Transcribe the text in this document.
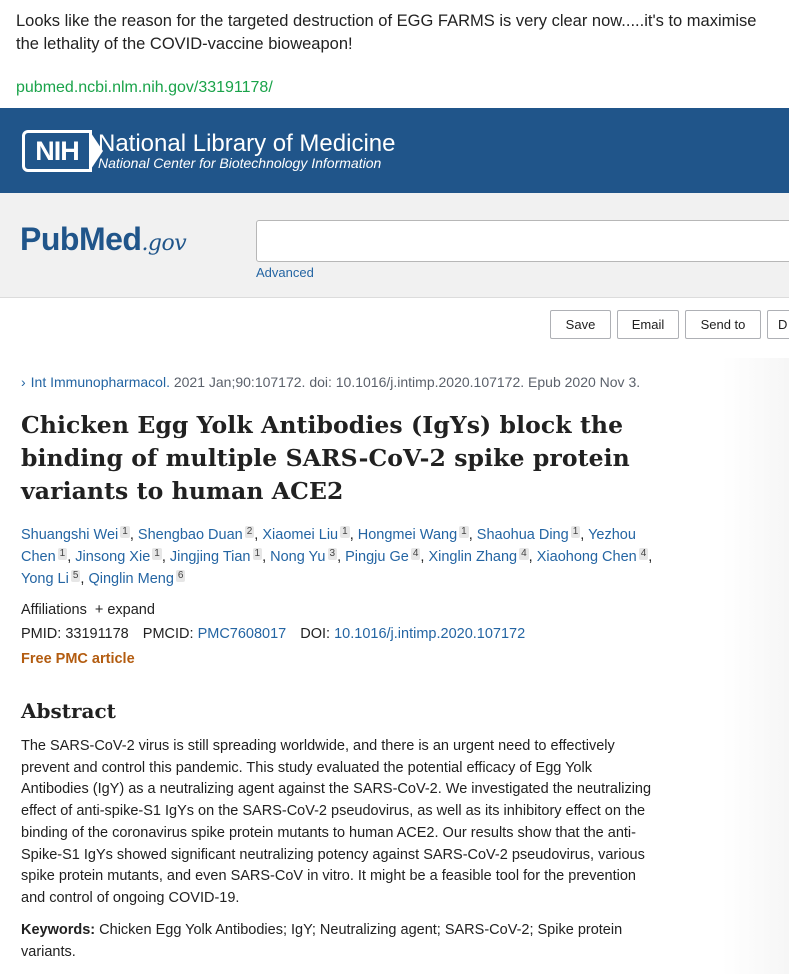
Looks like the reason for the targeted destruction of EGG FARMS is very clear now.....it's to maximise the lethality of the COVID-vaccine bioweapon!
pubmed.ncbi.nlm.nih.gov/33191178/
NIH National Library of Medicine
National Center for Biotechnology Information
PubMed.gov
Advanced
Save	Email	Send to	D
› Int Immunopharmacol. 2021 Jan;90:107172. doi: 10.1016/j.intimp.2020.107172. Epub 2020 Nov 3.
Chicken Egg Yolk Antibodies (IgYs) block the binding of multiple SARS-CoV-2 spike protein variants to human ACE2
Shuangshi Wei 1 , Shengbao Duan 2 , Xiaomei Liu 1 , Hongmei Wang 1 , Shaohua Ding 1 , Yezhou Chen 1 , Jinsong Xie 1 , Jingjing Tian 1 , Nong Yu 3 , Pingju Ge 4 , Xinglin Zhang 4 , Xiaohong Chen 4 , Yong Li 5 , Qinglin Meng 6
Affiliations + expand
PMID: 33191178 PMCID: PMC7608017 DOI: 10.1016/j.intimp.2020.107172
Free PMC article
Abstract

The SARS-CoV-2 virus is still spreading worldwide, and there is an urgent need to effectively prevent and control this pandemic. This study evaluated the potential efficacy of Egg Yolk Antibodies (IgY) as a neutralizing agent against the SARS-CoV-2. We investigated the neutralizing effect of anti-spike-S1 IgYs on the SARS-CoV-2 pseudovirus, as well as its inhibitory effect on the binding of the coronavirus spike protein mutants to human ACE2. Our results show that the anti-Spike-S1 IgYs showed significant neutralizing potency against SARS-CoV-2 pseudovirus, various spike protein mutants, and even SARS-CoV in vitro. It might be a feasible tool for the prevention and control of ongoing COVID-19.

Keywords: Chicken Egg Yolk Antibodies; IgY; Neutralizing agent; SARS-CoV-2; Spike protein variants.
